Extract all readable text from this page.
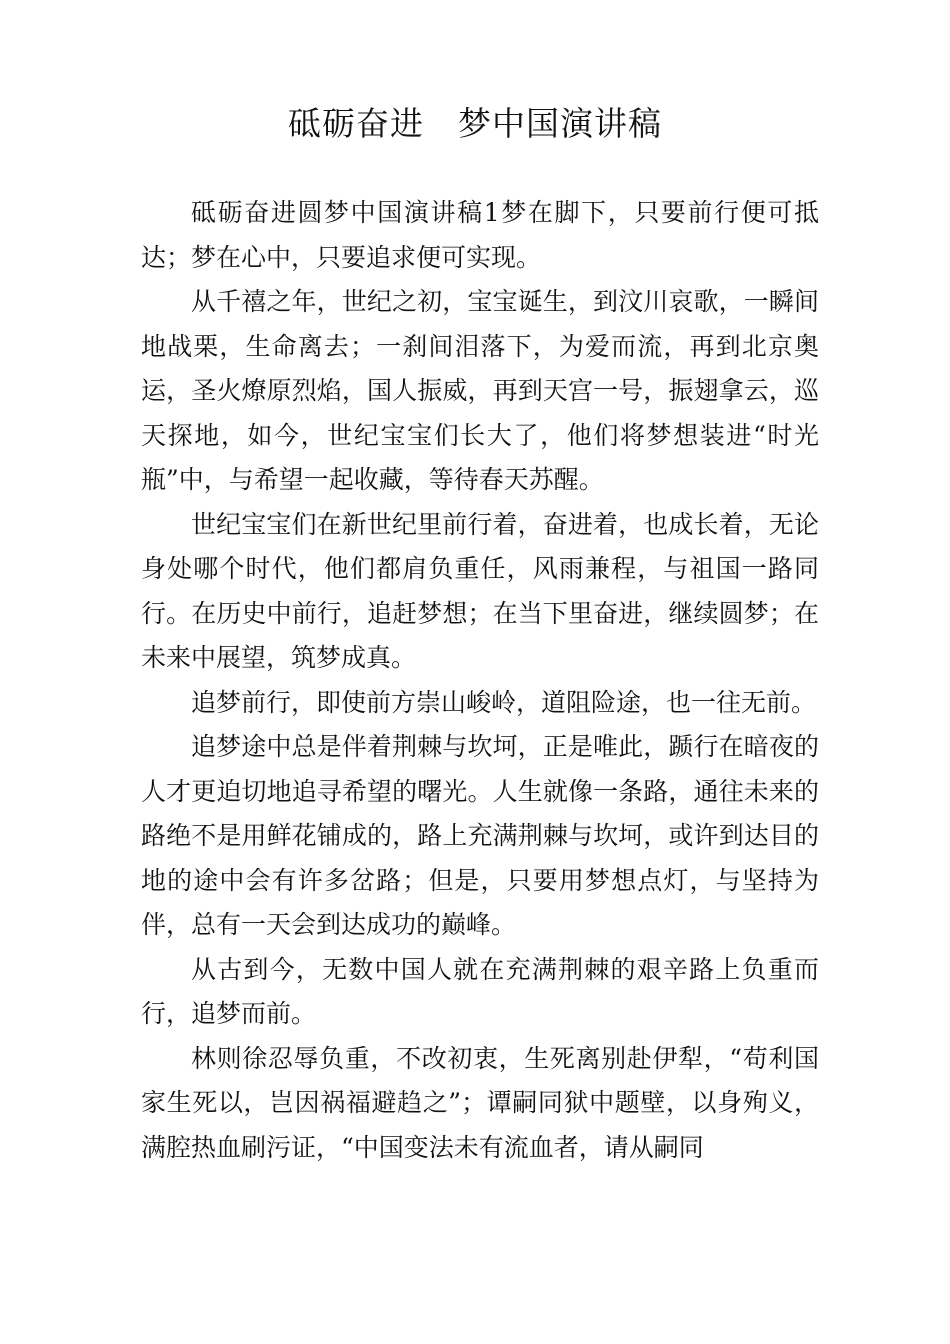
砥砺奋进　梦中国演讲稿

砥砺奋进圆梦中国演讲稿1梦在脚下，只要前行便可抵达；梦在心中，只要追求便可实现。

从千禧之年，世纪之初，宝宝诞生，到汶川哀歌，一瞬间地战栗，生命离去；一刹间泪落下，为爱而流，再到北京奥运，圣火燎原烈焰，国人振威，再到天宫一号，振翅拿云，巡天探地，如今，世纪宝宝们长大了，他们将梦想装进“时光瓶”中，与希望一起收藏，等待春天苏醒。

世纪宝宝们在新世纪里前行着，奋进着，也成长着，无论身处哪个时代，他们都肩负重任，风雨兼程，与祖国一路同行。在历史中前行，追赶梦想；在当下里奋进，继续圆梦；在未来中展望，筑梦成真。

追梦前行，即使前方崇山峻岭，道阻险途，也一往无前。

追梦途中总是伴着荆棘与坎坷，正是唯此，踬行在暗夜的人才更迫切地追寻希望的曙光。人生就像一条路，通往未来的路绝不是用鲜花铺成的，路上充满荆棘与坎坷，或许到达目的地的途中会有许多岔路；但是，只要用梦想点灯，与坚持为伴，总有一天会到达成功的巅峰。

从古到今，无数中国人就在充满荆棘的艰辛路上负重而行，追梦而前。

林则徐忍辱负重，不改初衷，生死离别赴伊犁，“苟利国家生死以，岂因祸福避趋之”；谭嗣同狱中题壁，以身殉义，满腔热血刷污证，“中国变法未有流血者，请从嗣同
